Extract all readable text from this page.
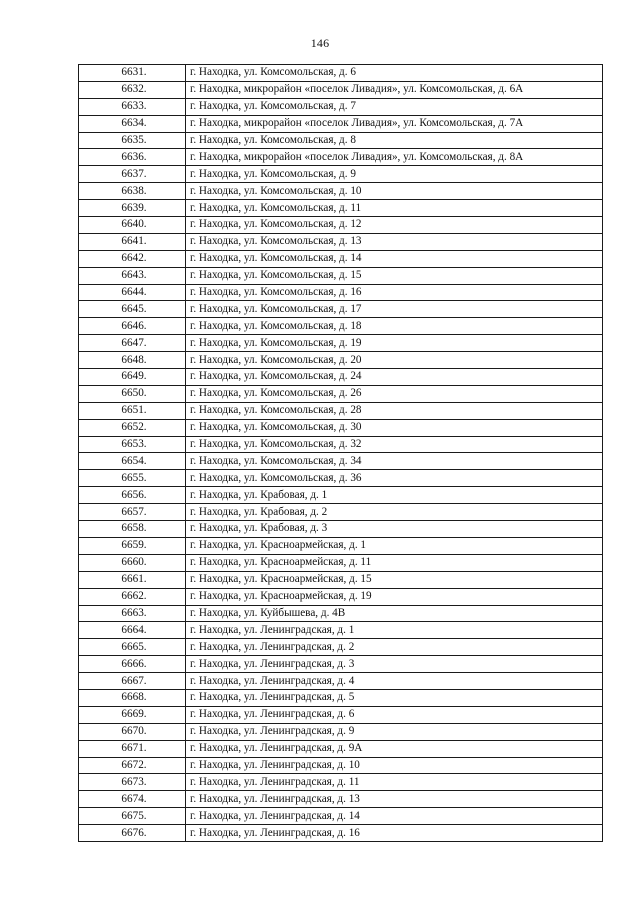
146
6631.	г. Находка, ул. Комсомольская, д. 6
6632.	г. Находка, микрорайон «поселок Ливадия», ул. Комсомольская, д. 6А
6633.	г. Находка, ул. Комсомольская, д. 7
6634.	г. Находка, микрорайон «поселок Ливадия», ул. Комсомольская, д. 7А
6635.	г. Находка, ул. Комсомольская, д. 8
6636.	г. Находка, микрорайон «поселок Ливадия», ул. Комсомольская, д. 8А
6637.	г. Находка, ул. Комсомольская, д. 9
6638.	г. Находка, ул. Комсомольская, д. 10
6639.	г. Находка, ул. Комсомольская, д. 11
6640.	г. Находка, ул. Комсомольская, д. 12
6641.	г. Находка, ул. Комсомольская, д. 13
6642.	г. Находка, ул. Комсомольская, д. 14
6643.	г. Находка, ул. Комсомольская, д. 15
6644.	г. Находка, ул. Комсомольская, д. 16
6645.	г. Находка, ул. Комсомольская, д. 17
6646.	г. Находка, ул. Комсомольская, д. 18
6647.	г. Находка, ул. Комсомольская, д. 19
6648.	г. Находка, ул. Комсомольская, д. 20
6649.	г. Находка, ул. Комсомольская, д. 24
6650.	г. Находка, ул. Комсомольская, д. 26
6651.	г. Находка, ул. Комсомольская, д. 28
6652.	г. Находка, ул. Комсомольская, д. 30
6653.	г. Находка, ул. Комсомольская, д. 32
6654.	г. Находка, ул. Комсомольская, д. 34
6655.	г. Находка, ул. Комсомольская, д. 36
6656.	г. Находка, ул. Крабовая, д. 1
6657.	г. Находка, ул. Крабовая, д. 2
6658.	г. Находка, ул. Крабовая, д. 3
6659.	г. Находка, ул. Красноармейская, д. 1
6660.	г. Находка, ул. Красноармейская, д. 11
6661.	г. Находка, ул. Красноармейская, д. 15
6662.	г. Находка, ул. Красноармейская, д. 19
6663.	г. Находка, ул. Куйбышева, д. 4В
6664.	г. Находка, ул. Ленинградская, д. 1
6665.	г. Находка, ул. Ленинградская, д. 2
6666.	г. Находка, ул. Ленинградская, д. 3
6667.	г. Находка, ул. Ленинградская, д. 4
6668.	г. Находка, ул. Ленинградская, д. 5
6669.	г. Находка, ул. Ленинградская, д. 6
6670.	г. Находка, ул. Ленинградская, д. 9
6671.	г. Находка, ул. Ленинградская, д. 9А
6672.	г. Находка, ул. Ленинградская, д. 10
6673.	г. Находка, ул. Ленинградская, д. 11
6674.	г. Находка, ул. Ленинградская, д. 13
6675.	г. Находка, ул. Ленинградская, д. 14
6676.	г. Находка, ул. Ленинградская, д. 16
